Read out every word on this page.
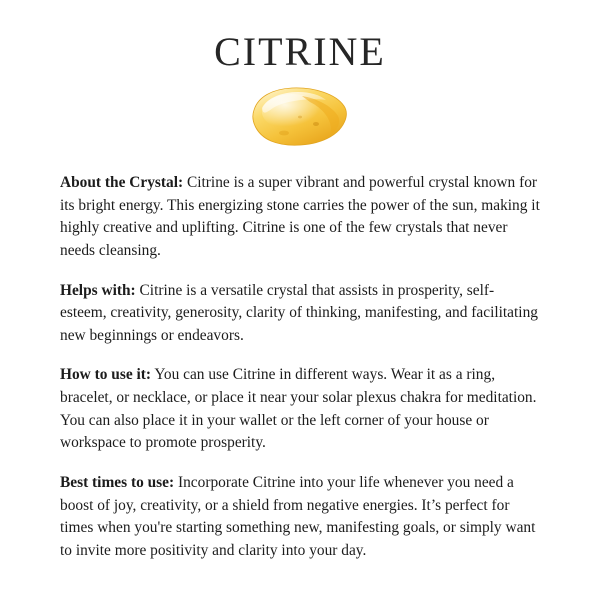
CITRINE

About the Crystal: Citrine is a super vibrant and powerful crystal known for its bright energy. This energizing stone carries the power of the sun, making it highly creative and uplifting. Citrine is one of the few crystals that never needs cleansing.

Helps with: Citrine is a versatile crystal that assists in prosperity, self-esteem, creativity, generosity, clarity of thinking, manifesting, and facilitating new beginnings or endeavors.

How to use it: You can use Citrine in different ways. Wear it as a ring, bracelet, or necklace, or place it near your solar plexus chakra for meditation. You can also place it in your wallet or the left corner of your house or workspace to promote prosperity.

Best times to use: Incorporate Citrine into your life whenever you need a boost of joy, creativity, or a shield from negative energies. It’s perfect for times when you're starting something new, manifesting goals, or simply want to invite more positivity and clarity into your day.
